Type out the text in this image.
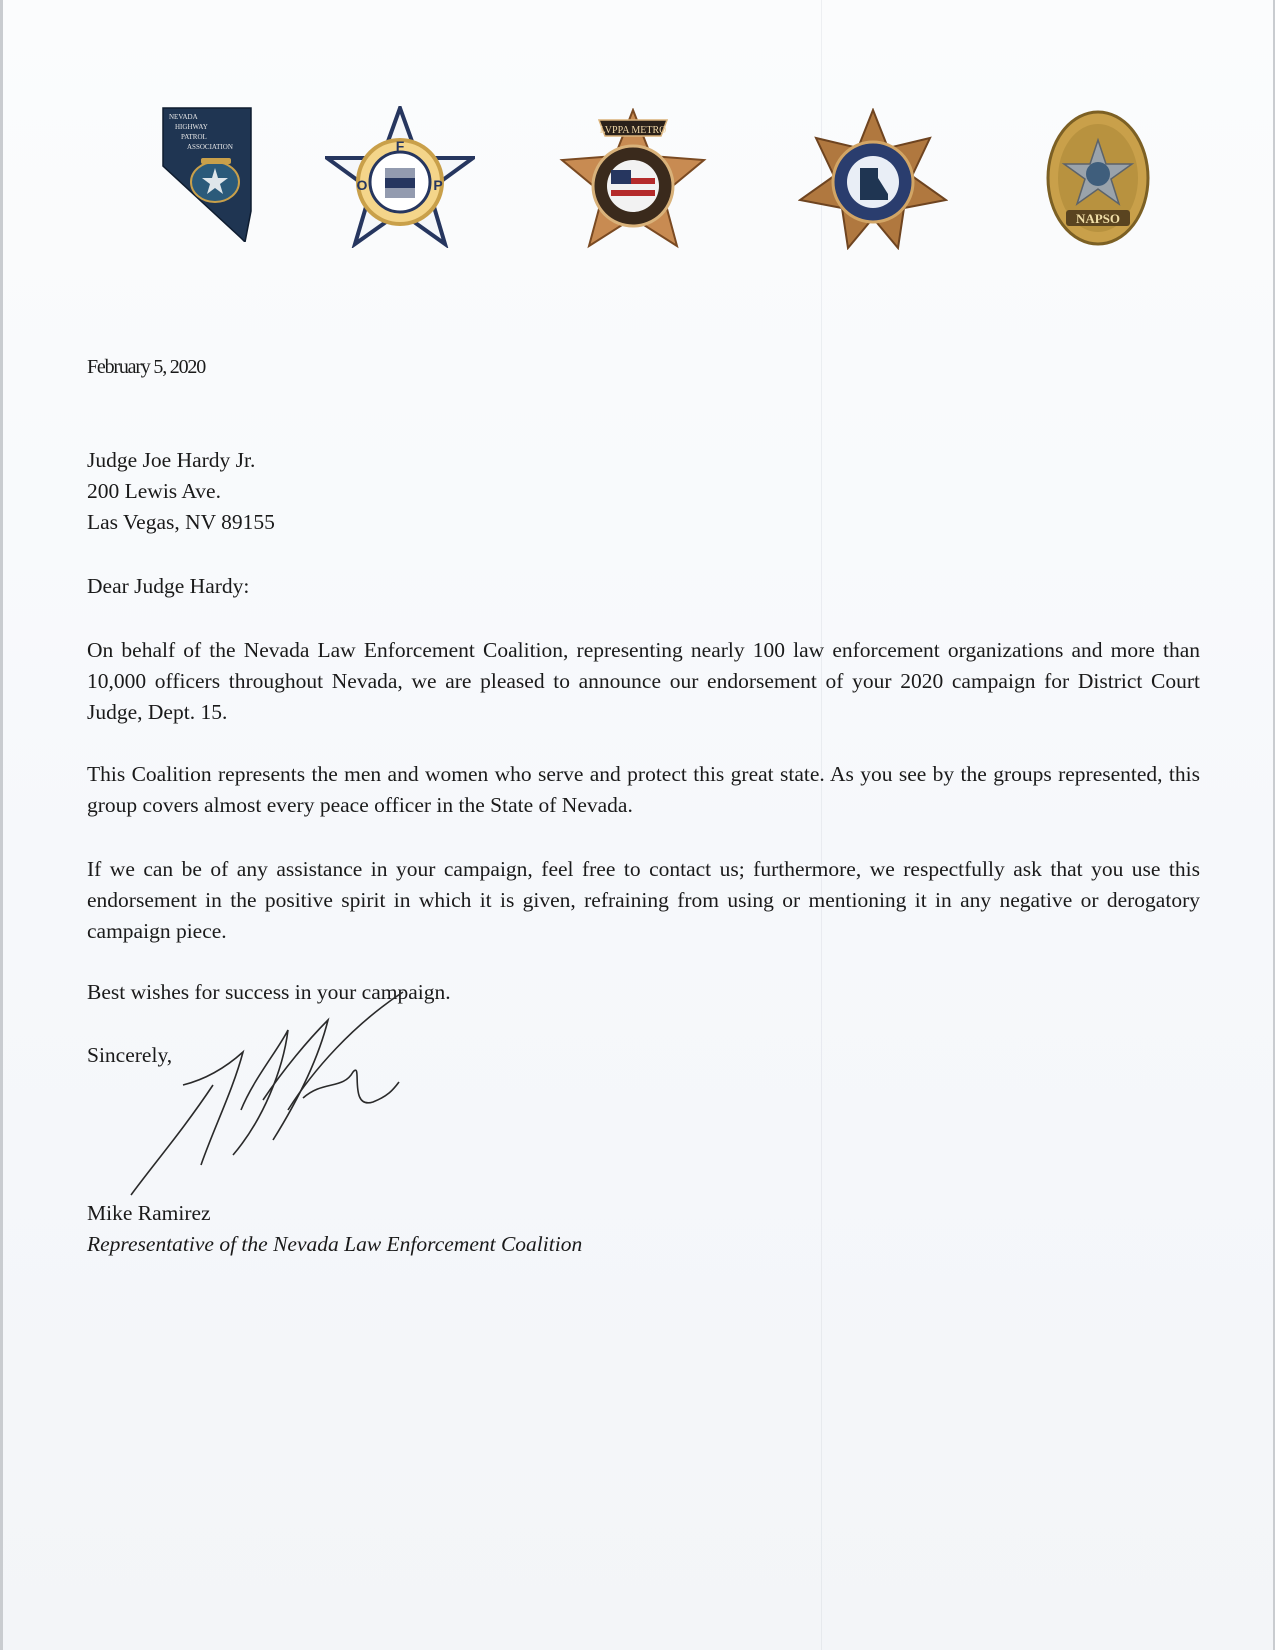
NEVADA
HIGHWAY
PATROL
ASSOCIATION	F
O	P
LVPPA METRO
NAPSO

February 5, 2020

Judge Joe Hardy Jr.
200 Lewis Ave.
Las Vegas, NV 89155

Dear Judge Hardy:

On behalf of the Nevada Law Enforcement Coalition, representing nearly 100 law enforcement organizations and more than 10,000 officers throughout Nevada, we are pleased to announce our endorsement of your 2020 campaign for District Court Judge, Dept. 15.

This Coalition represents the men and women who serve and protect this great state. As you see by the groups represented, this group covers almost every peace officer in the State of Nevada.

If we can be of any assistance in your campaign, feel free to contact us; furthermore, we respectfully ask that you use this endorsement in the positive spirit in which it is given, refraining from using or mentioning it in any negative or derogatory campaign piece.

Best wishes for success in your campaign.

Sincerely,

Mike Ramirez

Representative of the Nevada Law Enforcement Coalition
